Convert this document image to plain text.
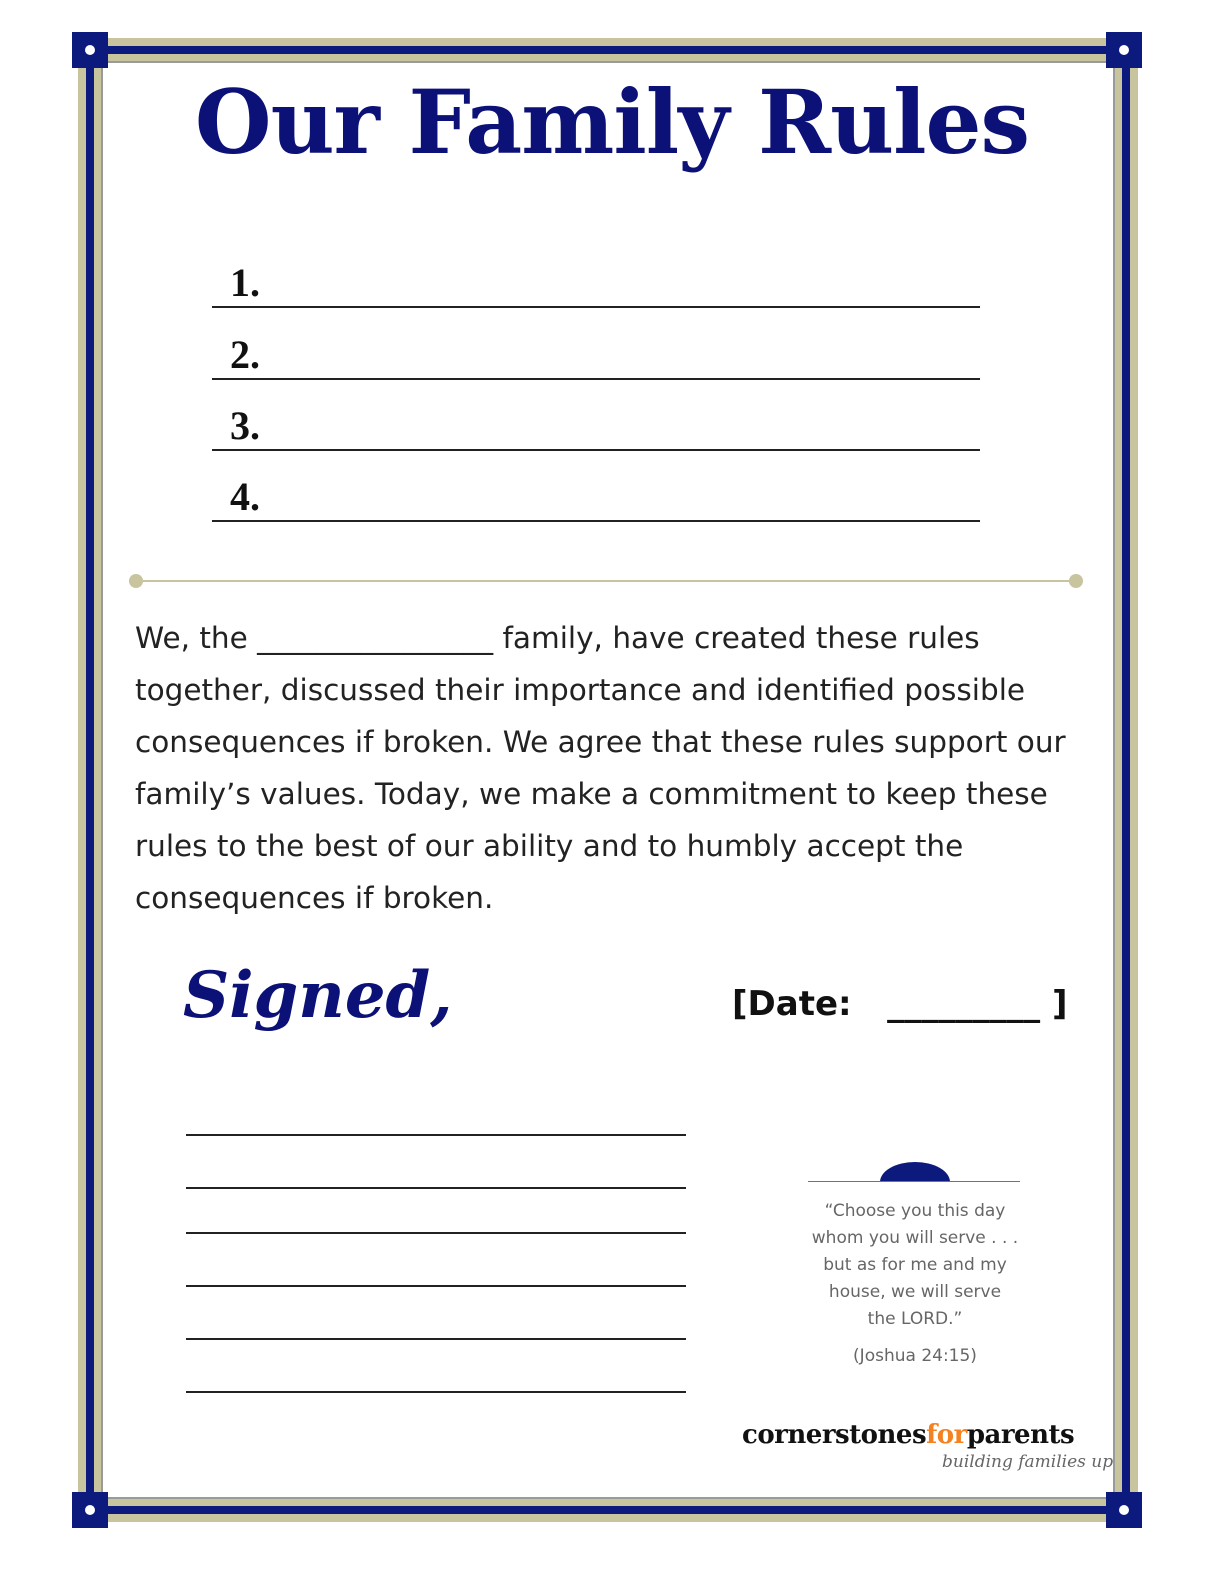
Our Family Rules
1.
2.
3.
4.

We, the ________________ family, have created these rules together, discussed their importance and identified possible consequences if broken. We agree that these rules support our family’s values. Today, we make a commitment to keep these rules to the best of our ability and to humbly accept the consequences if broken.

Signed,	[Date:   _________ ]

“Choose you this day
whom you will serve . . .
but as for me and my
house, we will serve
the LORD.”

(Joshua 24:15)
cornerstonesforparents
building families up
